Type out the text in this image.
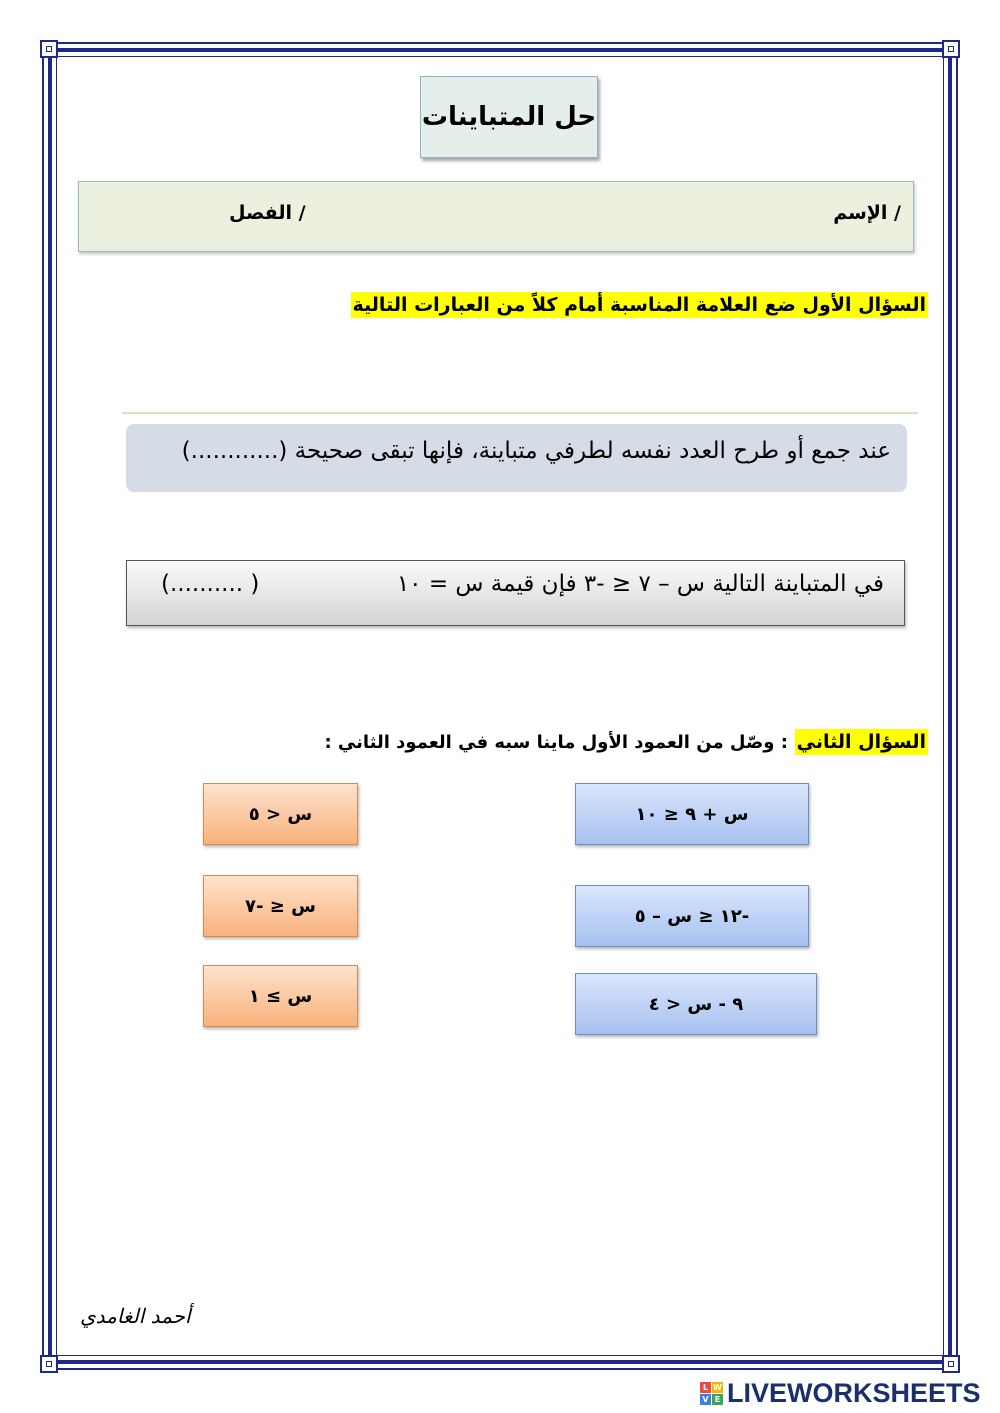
حل المتباينات
الإسم /
الفصل /
السؤال الأول ضع العلامة المناسبة أمام كلاً من العبارات التالية
عند جمع أو طرح العدد نفسه لطرفي متباينة، فإنها تبقى صحيحة (............)
في المتباينة التالية س – ٧ ≤ -٣ فإن قيمة س = ١٠
( ..........)
السؤال الثاني : وصّل من العمود الأول ماينا سبه في العمود الثاني :
س + ٩ ≤ ١٠
-١٢ ≤ س – ٥
٩ - س < ٤
س < ٥
س ≤ -٧
س ≥ ١
أحمد الغامدي
L W
V E LIVEWORKSHEETS
